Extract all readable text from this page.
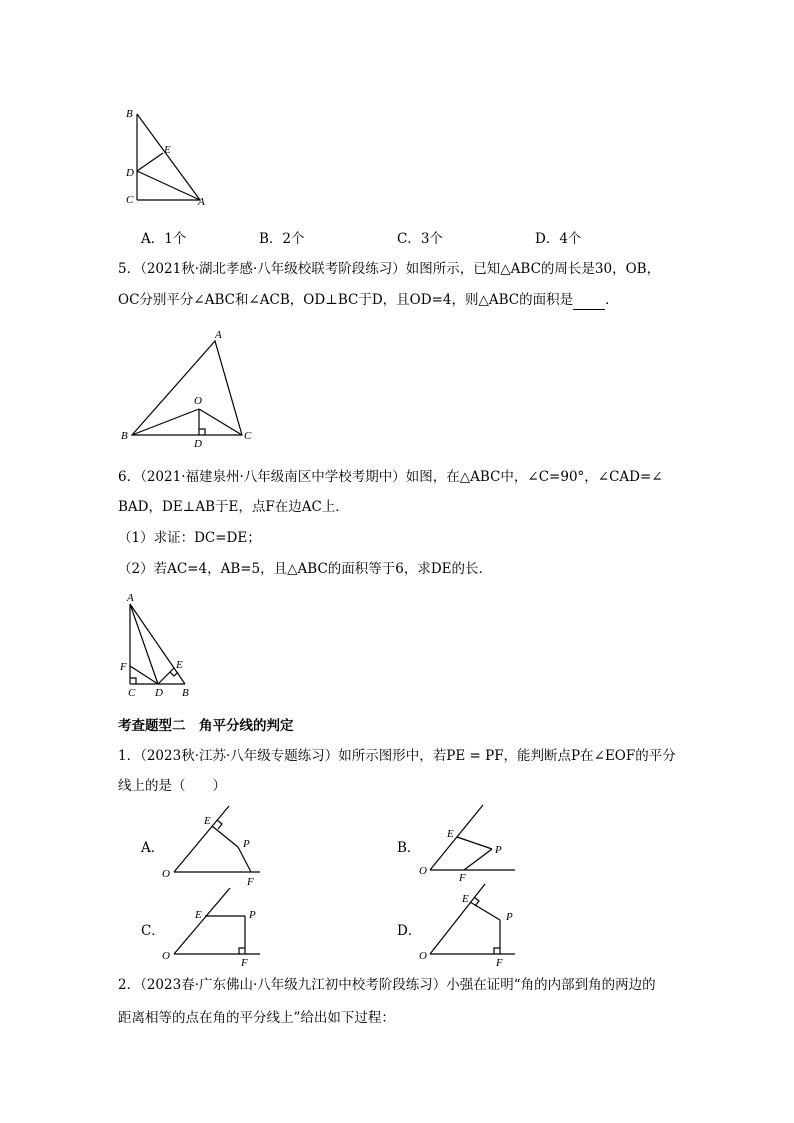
B
E
D
C	A
A．1个	B．2个	C．3个	D．4个
5．（2021秋·湖北孝感·八年级校联考阶段练习）如图所示，已知△ABC的周长是30，OB，
OC分别平分∠ABC和∠ACB，OD⊥BC于D，且OD=4，则△ABC的面积是 ．
A
O
B
D
C
6．（2021·福建泉州·八年级南区中学校考期中）如图，在△ABC中，∠C=90°，∠CAD=∠
BAD，DE⊥AB于E，点F在边AC上．
（1）求证：DC=DE；
（2）若AC=4，AB=5，且△ABC的面积等于6，求DE的长．
A
F	E
C D B
考查题型二　角平分线的判定
1．（2023秋·江苏·八年级专题练习）如所示图形中，若PE = PF，能判断点P在∠EOF的平分
线上的是（　　）
A．
E
P
O
F
B．
E
P
O
F
C．
E	P
O
F
D．
E
P
O
F
2．（2023春·广东佛山·八年级九江初中校考阶段练习）小强在证明“角的内部到角的两边的
距离相等的点在角的平分线上”给出如下过程：
